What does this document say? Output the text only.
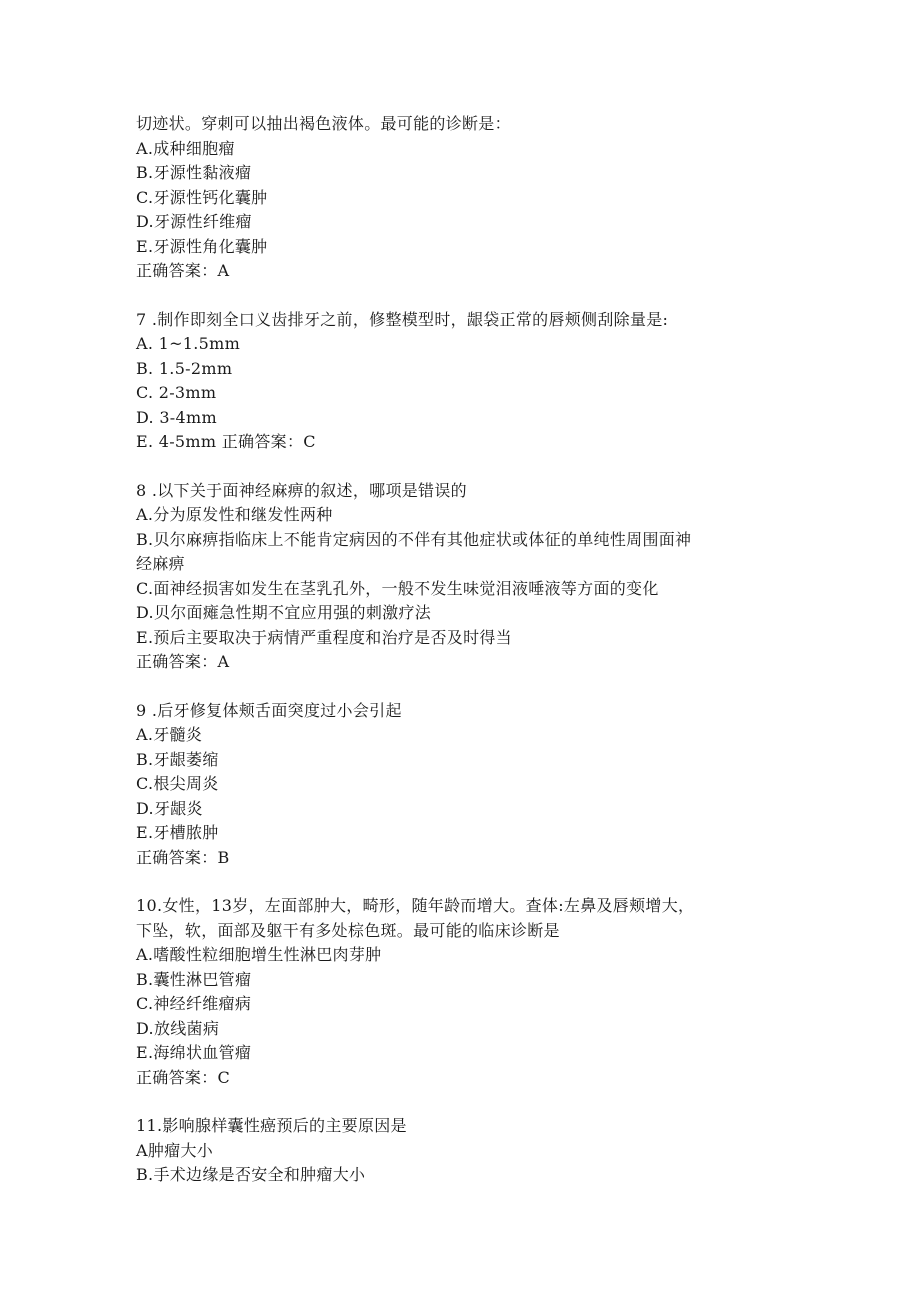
切迹状。穿刺可以抽出褐色液体。最可能的诊断是：
A.成种细胞瘤
B.牙源性黏液瘤
C.牙源性钙化囊肿
D.牙源性纤维瘤
E.牙源性角化囊肿
正确答案：A
7 .制作即刻全口义齿排牙之前，修整模型时，龈袋正常的唇颊侧刮除量是:
A. 1~1.5mm
B. 1.5-2mm
C. 2-3mm
D. 3-4mm
E. 4-5mm 正确答案：C
8 .以下关于面神经麻痹的叙述，哪项是错误的
A.分为原发性和继发性两种
B.贝尔麻痹指临床上不能肯定病因的不伴有其他症状或体征的单纯性周围面神
经麻痹
C.面神经损害如发生在茎乳孔外，一般不发生味觉泪液唾液等方面的变化
D.贝尔面瘫急性期不宜应用强的刺激疗法
E.预后主要取决于病情严重程度和治疗是否及时得当
正确答案：A
9 .后牙修复体颊舌面突度过小会引起
A.牙髓炎
B.牙龈萎缩
C.根尖周炎
D.牙龈炎
E.牙槽脓肿
正确答案：B
10.女性，13岁，左面部肿大，畸形，随年龄而增大。查体:左鼻及唇颊增大，
下坠，软，面部及躯干有多处棕色斑。最可能的临床诊断是
A.嗜酸性粒细胞增生性淋巴肉芽肿
B.囊性淋巴管瘤
C.神经纤维瘤病
D.放线菌病
E.海绵状血管瘤
正确答案：C
11.影响腺样囊性癌预后的主要原因是
A肿瘤大小
B.手术边缘是否安全和肿瘤大小
